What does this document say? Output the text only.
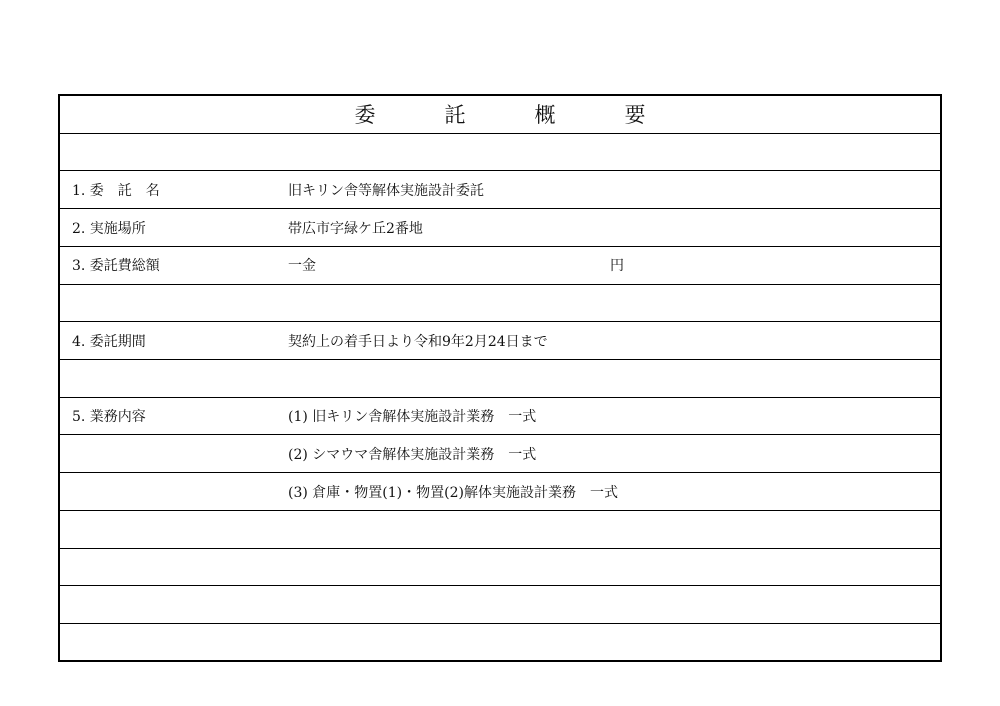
委　託　概　要
1. 委　託　名	旧キリン舎等解体実施設計委託
2. 実施場所	帯広市字緑ケ丘2番地
3. 委託費総額	一金	円
4. 委託期間	契約上の着手日より令和9年2月24日まで
5. 業務内容	(1) 旧キリン舎解体実施設計業務　一式
(2) シマウマ舎解体実施設計業務　一式
(3) 倉庫・物置(1)・物置(2)解体実施設計業務　一式
